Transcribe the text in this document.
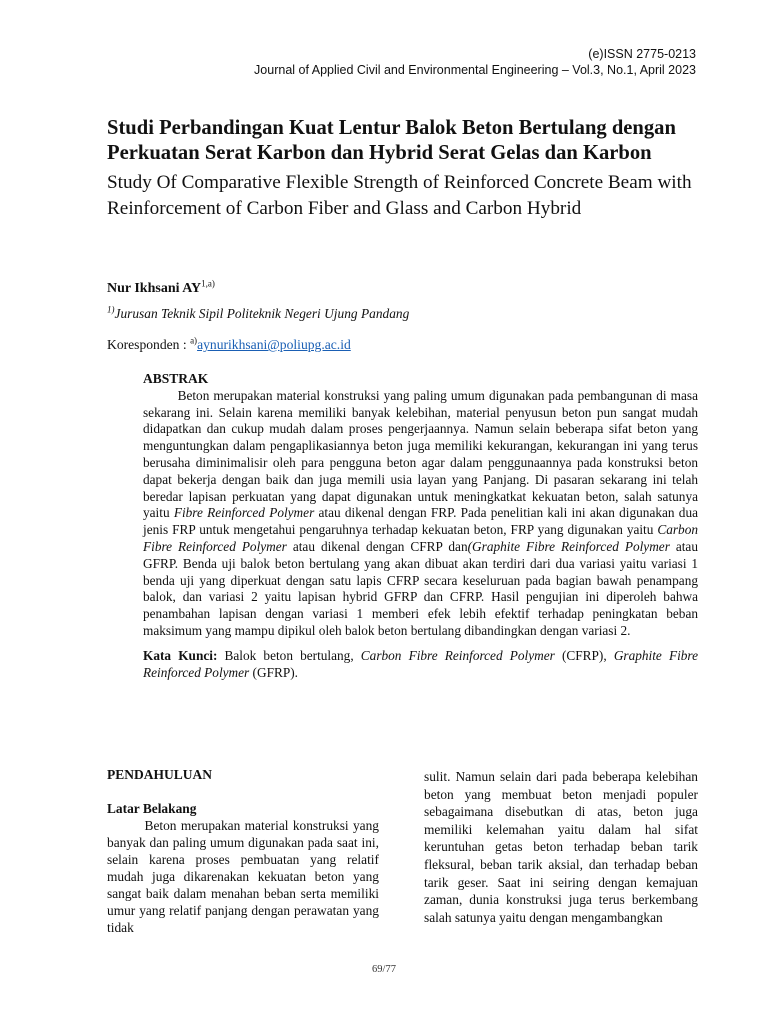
(e)ISSN 2775-0213
Journal of Applied Civil and Environmental Engineering – Vol.3, No.1, April 2023
Studi Perbandingan Kuat Lentur Balok Beton Bertulang dengan Perkuatan Serat Karbon dan Hybrid Serat Gelas dan Karbon
Study Of Comparative Flexible Strength of Reinforced Concrete Beam with Reinforcement of Carbon Fiber and Glass and Carbon Hybrid
Nur Ikhsani AY$^{1,a)}$
$^{1)}$Jurusan Teknik Sipil Politeknik Negeri Ujung Pandang
Koresponden : $^{a)}$aynurikhsani@poliupg.ac.id
ABSTRAK

Beton merupakan material konstruksi yang paling umum digunakan pada pembangunan di masa sekarang ini. Selain karena memiliki banyak kelebihan, material penyusun beton pun sangat mudah didapatkan dan cukup mudah dalam proses pengerjaannya. Namun selain beberapa sifat beton yang menguntungkan dalam pengaplikasiannya beton juga memiliki kekurangan, kekurangan ini yang terus berusaha diminimalisir oleh para pengguna beton agar dalam penggunaannya pada konstruksi beton dapat bekerja dengan baik dan juga memili usia layan yang Panjang. Di pasaran sekarang ini telah beredar lapisan perkuatan yang dapat digunakan untuk meningkatkat kekuatan beton, salah satunya yaitu Fibre Reinforced Polymer atau dikenal dengan FRP. Pada penelitian kali ini akan digunakan dua jenis FRP untuk mengetahui pengaruhnya terhadap kekuatan beton, FRP yang digunakan yaitu Carbon Fibre Reinforced Polymer atau dikenal dengan CFRP dan(Graphite Fibre Reinforced Polymer atau GFRP. Benda uji balok beton bertulang yang akan dibuat akan terdiri dari dua variasi yaitu variasi 1 benda uji yang diperkuat dengan satu lapis CFRP secara keseluruan pada bagian bawah penampang balok, dan variasi 2 yaitu lapisan hybrid GFRP dan CFRP. Hasil pengujian ini diperoleh bahwa penambahan lapisan dengan variasi 1 memberi efek lebih efektif terhadap peningkatan beban maksimum yang mampu dipikul oleh balok beton bertulang dibandingkan dengan variasi 2.

Kata Kunci: Balok beton bertulang, Carbon Fibre Reinforced Polymer (CFRP), Graphite Fibre Reinforced Polymer (GFRP).

PENDAHULUAN
Latar Belakang

Beton merupakan material konstruksi yang banyak dan paling umum digunakan pada saat ini, selain karena proses pembuatan yang relatif mudah juga dikarenakan kekuatan beton yang sangat baik dalam menahan beban serta memiliki umur yang relatif panjang dengan perawatan yang tidak

sulit. Namun selain dari pada beberapa kelebihan beton yang membuat beton menjadi populer sebagaimana disebutkan di atas, beton juga memiliki kelemahan yaitu dalam hal sifat keruntuhan getas beton terhadap beban tarik fleksural, beban tarik aksial, dan terhadap beban tarik geser. Saat ini seiring dengan kemajuan zaman, dunia konstruksi juga terus berkembang salah satunya yaitu dengan mengambangkan

69/77
